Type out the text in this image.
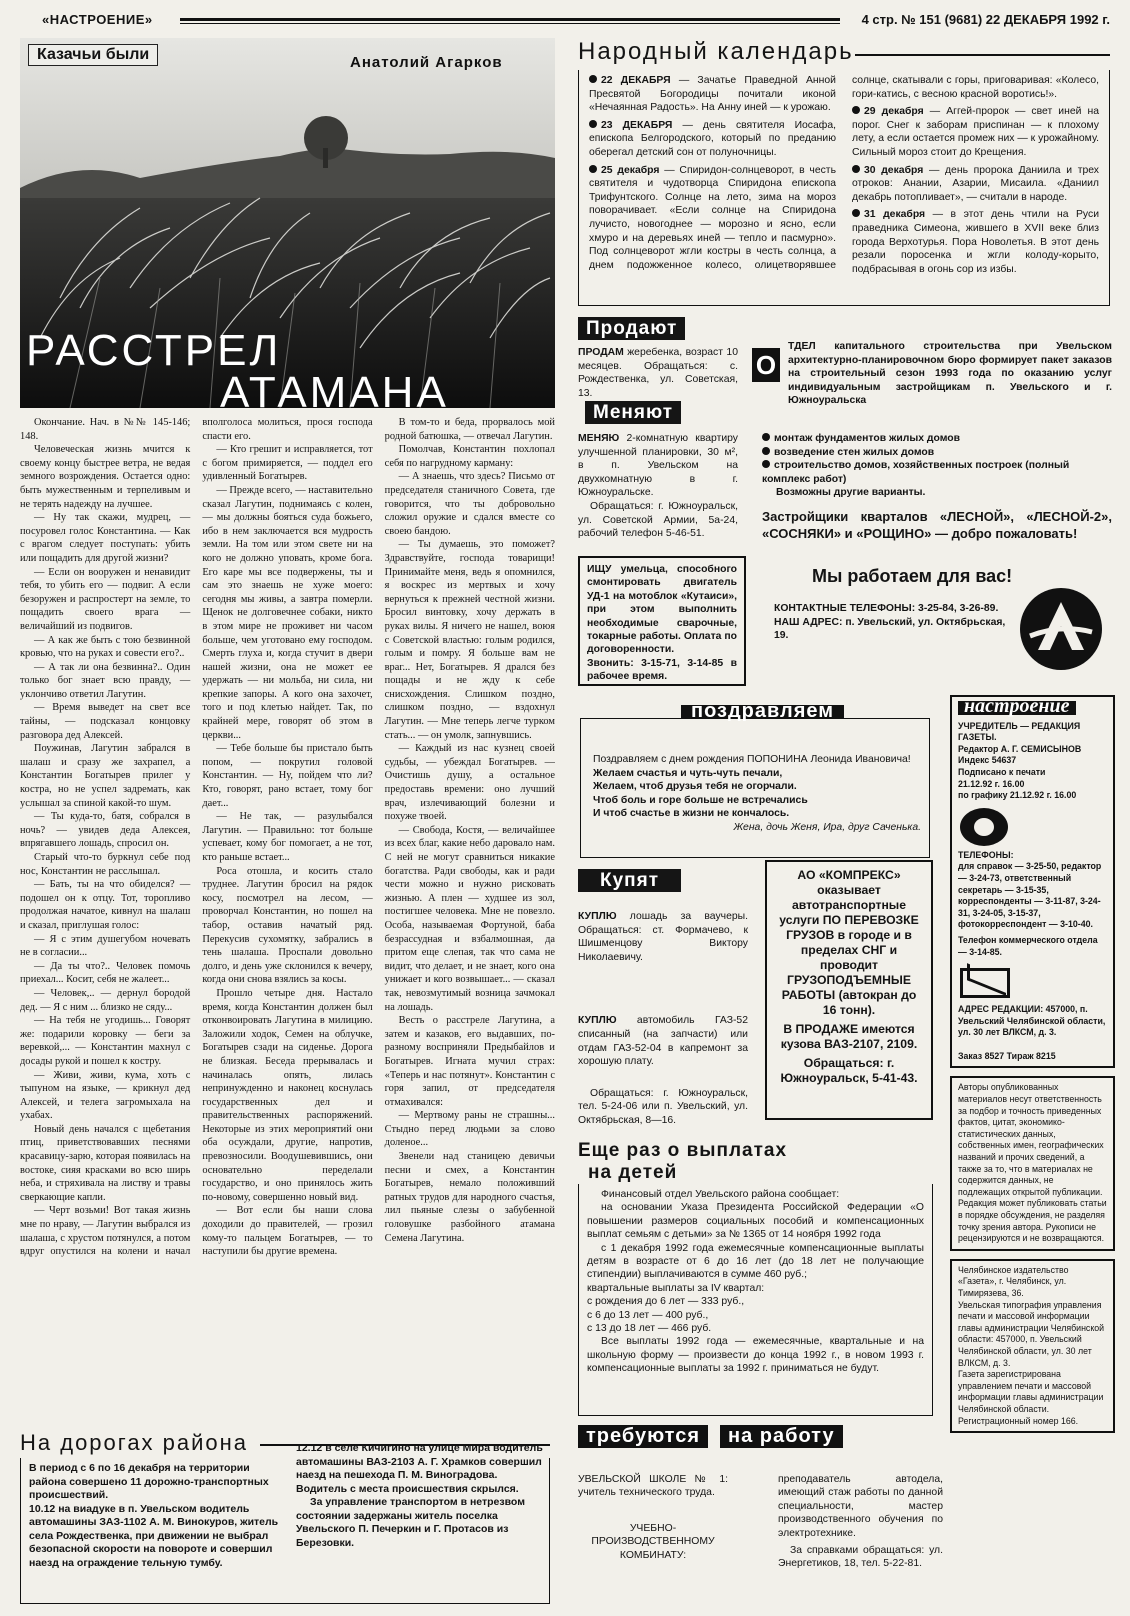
«НАСТРОЕНИЕ»	4 стр. № 151 (9681) 22 ДЕКАБРЯ 1992 г.
Казачьи были	Анатолий Агарков
РАССТРЕЛ
АТАМАНА

Окончание. Нач. в №№ 145-146; 148.

Человеческая жизнь мчится к своему концу быстрее ветра, не ведая земного возрождения. Остается одно: быть мужественным и терпеливым и не терять надежду на лучшее.

— Ну так скажи, мудрец, — посуровел голос Константина. — Как с врагом следует поступать: убить или пощадить для другой жизни?

— Если он вооружен и ненавидит тебя, то убить его — подвиг. А если безоружен и распростерт на земле, то пощадить своего врага — величайший из подвигов.

— А как же быть с тою безвинной кровью, что на руках и совести его?..

— А так ли она безвинна?.. Один только бог знает всю правду, — уклончиво ответил Лагутин.

— Время выведет на свет все тайны, — подсказал концовку разговора дед Алексей.

Поужинав, Лагутин забрался в шалаш и сразу же захрапел, а Константин Богатырев прилег у костра, но не успел задремать, как услышал за спиной какой-то шум.

— Ты куда-то, батя, собрался в ночь? — увидев деда Алексея, впрягавшего лошадь, спросил он.

Старый что-то буркнул себе под нос, Константин не расслышал.

— Бать, ты на что обиделся? — подошел он к отцу. Тот, торопливо продолжая начатое, кивнул на шалаш и сказал, приглушая голос:

— Я с этим душегубом ночевать не в согласии...

— Да ты что?.. Человек помочь приехал... Косит, себя не жалеет...

— Человек,.. — дернул бородой дед. — Я с ним ... близко не сяду...

— На тебя не угодишь... Говорят же: подарили коровку — беги за веревкой,... — Константин махнул с досады рукой и пошел к костру.

— Живи, живи, кума, хоть с тыпуном на языке, — крикнул дед Алексей, и телега загромыхала на ухабах.

Новый день начался с щебетания птиц, приветствовавших песнями красавицу-зарю, которая появилась на востоке, сияя красками во всю ширь неба, и стряхивала на листву и травы сверкающие капли.

— Черт возьми! Вот такая жизнь мне по нраву, — Лагутин выбрался из шалаша, с хрустом потянулся, а потом вдруг опустился на колени и начал вполголоса молиться, прося господа спасти его.

— Кто грешит и исправляется, тот с богом примиряется, — поддел его удивленный Богатырев.

— Прежде всего, — наставительно сказал Лагутин, поднимаясь с колен, — мы должны бояться суда божьего, ибо в нем заключается вся мудрость земли. На том или этом свете ни на кого не должно уповать, кроме бога. Его каре мы все подвержены, ты и сам это знаешь не хуже моего: сегодня мы живы, а завтра померли. Щенок не долговечнее собаки, никто в этом мире не проживет ни часом больше, чем уготовано ему господом. Смерть глуха и, когда стучит в двери нашей жизни, она не может ее удержать — ни мольба, ни сила, ни крепкие запоры. А кого она захочет, того и под клетью найдет. Так, по крайней мере, говорят об этом в церкви...

— Тебе больше бы пристало быть попом, — покрутил головой Константин. — Ну, пойдем что ли? Кто, говорят, рано встает, тому бог дает...

— Не так, — разулыбался Лагутин. — Правильно: тот больше успевает, кому бог помогает, а не тот, кто раньше встает...

Роса отошла, и косить стало труднее. Лагутин бросил на рядок косу, посмотрел на лесом, — проворчал Константин, но пошел на табор, оставив начатый ряд. Перекусив сухомятку, забрались в тень шалаша. Проспали довольно долго, и день уже склонился к вечеру, когда они снова взялись за косы.

Прошло четыре дня. Настало время, когда Константин должен был отконвоировать Лагутина в милицию. Заложили ходок, Семен на облучке, Богатырев сзади на сиденье. Дорога не близкая. Беседа прерывалась и начиналась опять, лилась непринужденно и наконец коснулась государственных дел и правительственных распоряжений. Некоторые из этих мероприятий они оба осуждали, другие, напротив, превозносили. Воодушевившись, они основательно переделали государство, и оно принялось жить по-новому, совершенно новый вид.

— Вот если бы наши слова доходили до правителей, — грозил кому-то пальцем Богатырев, — то наступили бы другие времена.

В том-то и беда, прорвалось мой родной батюшка, — отвечал Лагутин.

Помолчав, Константин похлопал себя по нагрудному карману:

— А знаешь, что здесь? Письмо от председателя станичного Совета, где говорится, что ты добровольно сложил оружие и сдался вместе со своею бандою.

— Ты думаешь, это поможет? Здравствуйте, господа товарищи! Принимайте меня, ведь я опомнился, я воскрес из мертвых и хочу вернуться к прежней честной жизни. Бросил винтовку, хочу держать в руках вилы. Я ничего не нашел, воюя с Советской властью: голым родился, голым и помру. Я больше вам не враг... Нет, Богатырев. Я дрался без пощады и не жду к себе снисхождения. Слишком поздно, слишком поздно, — вздохнул Лагутин. — Мне теперь легче турком стать... — он умолк, запнувшись.

— Каждый из нас кузнец своей судьбы, — убеждал Богатырев. — Очистишь душу, а остальное предоставь времени: оно лучший врач, излечивающий болезни и похуже твоей.

— Свобода, Костя, — величайшее из всех благ, какие небо даровало нам. С ней не могут сравниться никакие богатства. Ради свободы, как и ради чести можно и нужно рисковать жизнью. А плен — худшее из зол, постигшее человека. Мне не повезло. Особа, называемая Фортуной, баба безрассудная и взбалмошная, да притом еще слепая, так что сама не видит, что делает, и не знает, кого она унижает и кого возвышает... — сказал так, невозмутимый возница зачмокал на лошадь.

Весть о расстреле Лагутина, а затем и казаков, его выдавших, по-разному восприняли Предыбайлов и Богатырев. Игната мучил страх: «Теперь и нас потянут». Константин с горя запил, от председателя отмахивался:

— Мертвому раны не страшны... Стыдно перед людьми за слово доленое...

Звенели над станицею девичьи песни и смех, а Константин Богатырев, немало положивший ратных трудов для народного счастья, лил пьяные слезы о забубенной головушке разбойного атамана Семена Лагутина.

На дорогах района

В период с 6 по 16 декабря на территории района совершено 11 дорожно-транспортных происшествий.

10.12 на виадуке в п. Увельском водитель автомашины ЗАЗ-1102 А. М. Винокуров, житель села Рождественка, при движении не выбрал безопасной скорости на повороте и совершил наезд на ограждение тельную тумбу.

12.12 в селе Кичигино на улице Мира водитель автомашины ВАЗ-2103 А. Г. Храмков совершил наезд на пешехода П. М. Виноградова. Водитель с места происшествия скрылся.

За управление транспортом в нетрезвом состоянии задержаны житель поселка Увельского П. Печеркин и Г. Протасов из Березовки.

Народный календарь

22 ДЕКАБРЯ — Зачатье Праведной Анной Пресвятой Богородицы почитали иконой «Нечаянная Радость». На Анну иней — к урожаю.

23 ДЕКАБРЯ — день святителя Иосафа, епископа Белгородского, который по преданию оберегал детский сон от полуночницы.

25 декабря — Спиридон-солнцеворот, в честь святителя и чудотворца Спиридона епископа Трифунтского. Солнце на лето, зима на мороз поворачивает. «Если солнце на Спиридона лучисто, новогоднее — морозно и ясно, если хмуро и на деревьях иней — тепло и пасмурно». Под солнцеворот жгли костры в честь солнца, а днем подожженное колесо, олицетворявшее солнце, скатывали с горы, приговаривая: «Колесо, гори-катись, с весною красной воротись!».

29 декабря — Аггей-пророк — свет иней на порог. Снег к заборам приспинан — к плохому лету, а если остается промеж них — к урожайному. Сильный мороз стоит до Крещения.

30 декабря — день пророка Даниила и трех отроков: Анании, Азарии, Мисаила. «Даниил декабрь потопливает», — считали в народе.

31 декабря — в этот день чтили на Руси праведника Симеона, жившего в XVII веке близ города Верхотурья. Пора Новолетья. В этот день резали поросенка и жгли колоду-корыто, подбрасывая в огонь сор из избы.

Продают
ПРОДАМ жеребенка, возраст 10 месяцев. Обращаться: с. Рождественка, ул. Советская, 13.
Меняют

МЕНЯЮ 2-комнатную квартиру улучшенной планировки, 30 м², в п. Увельском на двухкомнатную в г. Южноуральске.

Обращаться: г. Южноуральск, ул. Советской Армии, 5а-24, рабочий телефон 5-46-51.

ИЩУ умельца, способного смонтировать двигатель УД-1 на мотоблок «Кутаиси», при этом выполнить необходимые сварочные, токарные работы. Оплата по договоренности.

Звонить: 3-15-71, 3-14-85 в рабочее время.

О
ТДЕЛ капитального строительства при Увельском архитектурно-планировочном бюро формирует пакет заказов на строительный сезон 1993 года по оказанию услуг индивидуальным застройщикам п. Увельского и г. Южноуральска

монтаж фундаментов жилых домов

возведение стен жилых домов

строительство домов, хозяйственных построек (полный комплекс работ)

Возможны другие варианты.

Застройщики кварталов «ЛЕСНОЙ», «ЛЕСНОЙ-2», «СОСНЯКИ» и «РОЩИНО» — добро пожаловать!
Мы работаем для вас!

КОНТАКТНЫЕ ТЕЛЕФОНЫ: 3-25-84, 3-26-89.

НАШ АДРЕС: п. Увельский, ул. Октябрьская, 19.

поздравляем

Поздравляем с днем рождения ПОПОНИНА Леонида Ивановича!

Желаем счастья и чуть-чуть печали,

Желаем, чтоб друзья тебя не огорчали.

Чтоб боль и горе больше не встречались

И чтоб счастье в жизни не кончалось.

Жена, дочь Женя, Ира, друг Саченька.

Купят

КУПЛЮ лошадь за ваучеры. Обращаться: ст. Формачево, к Шишменцову Виктору Николаевичу.

КУПЛЮ автомобиль ГАЗ-52 списанный (на запчасти) или отдам ГАЗ-52-04 в капремонт за хорошую плату.

Обращаться: г. Южноуральск, тел. 5-24-06 или п. Увельский, ул. Октябрьская, 8—16.

АО «КОМПРЕКС» оказывает автотранспортные услуги ПО ПЕРЕВОЗКЕ ГРУЗОВ в городе и в пределах СНГ и проводит ГРУЗОПОДЪЕМНЫЕ РАБОТЫ (автокран до 16 тонн).

В ПРОДАЖЕ имеются кузова ВАЗ-2107, 2109.

Обращаться: г. Южноуральск, 5-41-43.

Еще раз о выплатах
на детей

Финансовый отдел Увельского района сообщает:

на основании Указа Президента Российской Федерации «О повышении размеров социальных пособий и компенсационных выплат семьям с детьми» за № 1365 от 14 ноября 1992 года

с 1 декабря 1992 года ежемесячные компенсационные выплаты детям в возрасте от 6 до 16 лет (до 18 лет не получающие стипендии) выплачиваются в сумме 460 руб.;

квартальные выплаты за IV квартал:

с рождения до 6 лет — 333 руб.,

с 6 до 13 лет — 400 руб.,

с 13 до 18 лет — 466 руб.

Все выплаты 1992 года — ежемесячные, квартальные и на школьную форму — произвести до конца 1992 г., в новом 1993 г. компенсационные выплаты за 1992 г. приниматься не будут.

требуются на работу

УВЕЛЬСКОЙ ШКОЛЕ № 1: учитель технического труда.

УЧЕБНО-ПРОИЗВОДСТВЕННОМУ КОМБИНАТУ:

преподаватель автодела, имеющий стаж работы по данной специальности, мастер производственного обучения по электротехнике.

За справками обращаться: ул. Энергетиков, 18, тел. 5-22-81.

настроение

УЧРЕДИТЕЛЬ — РЕДАКЦИЯ ГАЗЕТЫ.

Редактор А. Г. СЕМИСЫНОВ

Индекс 54637

Подписано к печати

21.12.92 г. 16.00

по графику 21.12.92 г. 16.00

ТЕЛЕФОНЫ:

для справок — 3-25-50, редактор — 3-24-73, ответственный секретарь — 3-15-35, корреспонденты — 3-11-87, 3-24-31, 3-24-05, 3-15-37, фотокорреспондент — 3-10-40.

Телефон коммерческого отдела — 3-14-85.

АДРЕС РЕДАКЦИИ: 457000, п. Увельский Челябинской области, ул. 30 лет ВЛКСМ, д. 3.

Заказ 8527 Тираж 8215

Авторы опубликованных материалов несут ответственность за подбор и точность приведенных фактов, цитат, экономико-статистических данных, собственных имен, географических названий и прочих сведений, а также за то, что в материалах не содержится данных, не подлежащих открытой публикации. Редакция может публиковать статьи в порядке обсуждения, не разделяя точку зрения автора. Рукописи не рецензируются и не возвращаются.

Челябинское издательство «Газета», г. Челябинск, ул. Тимирязева, 36.

Увельская типография управления печати и массовой информации главы администрации Челябинской области: 457000, п. Увельский Челябинской области, ул. 30 лет ВЛКСМ, д. 3.

Газета зарегистрирована управлением печати и массовой информации главы администрации Челябинской области. Регистрационный номер 166.
